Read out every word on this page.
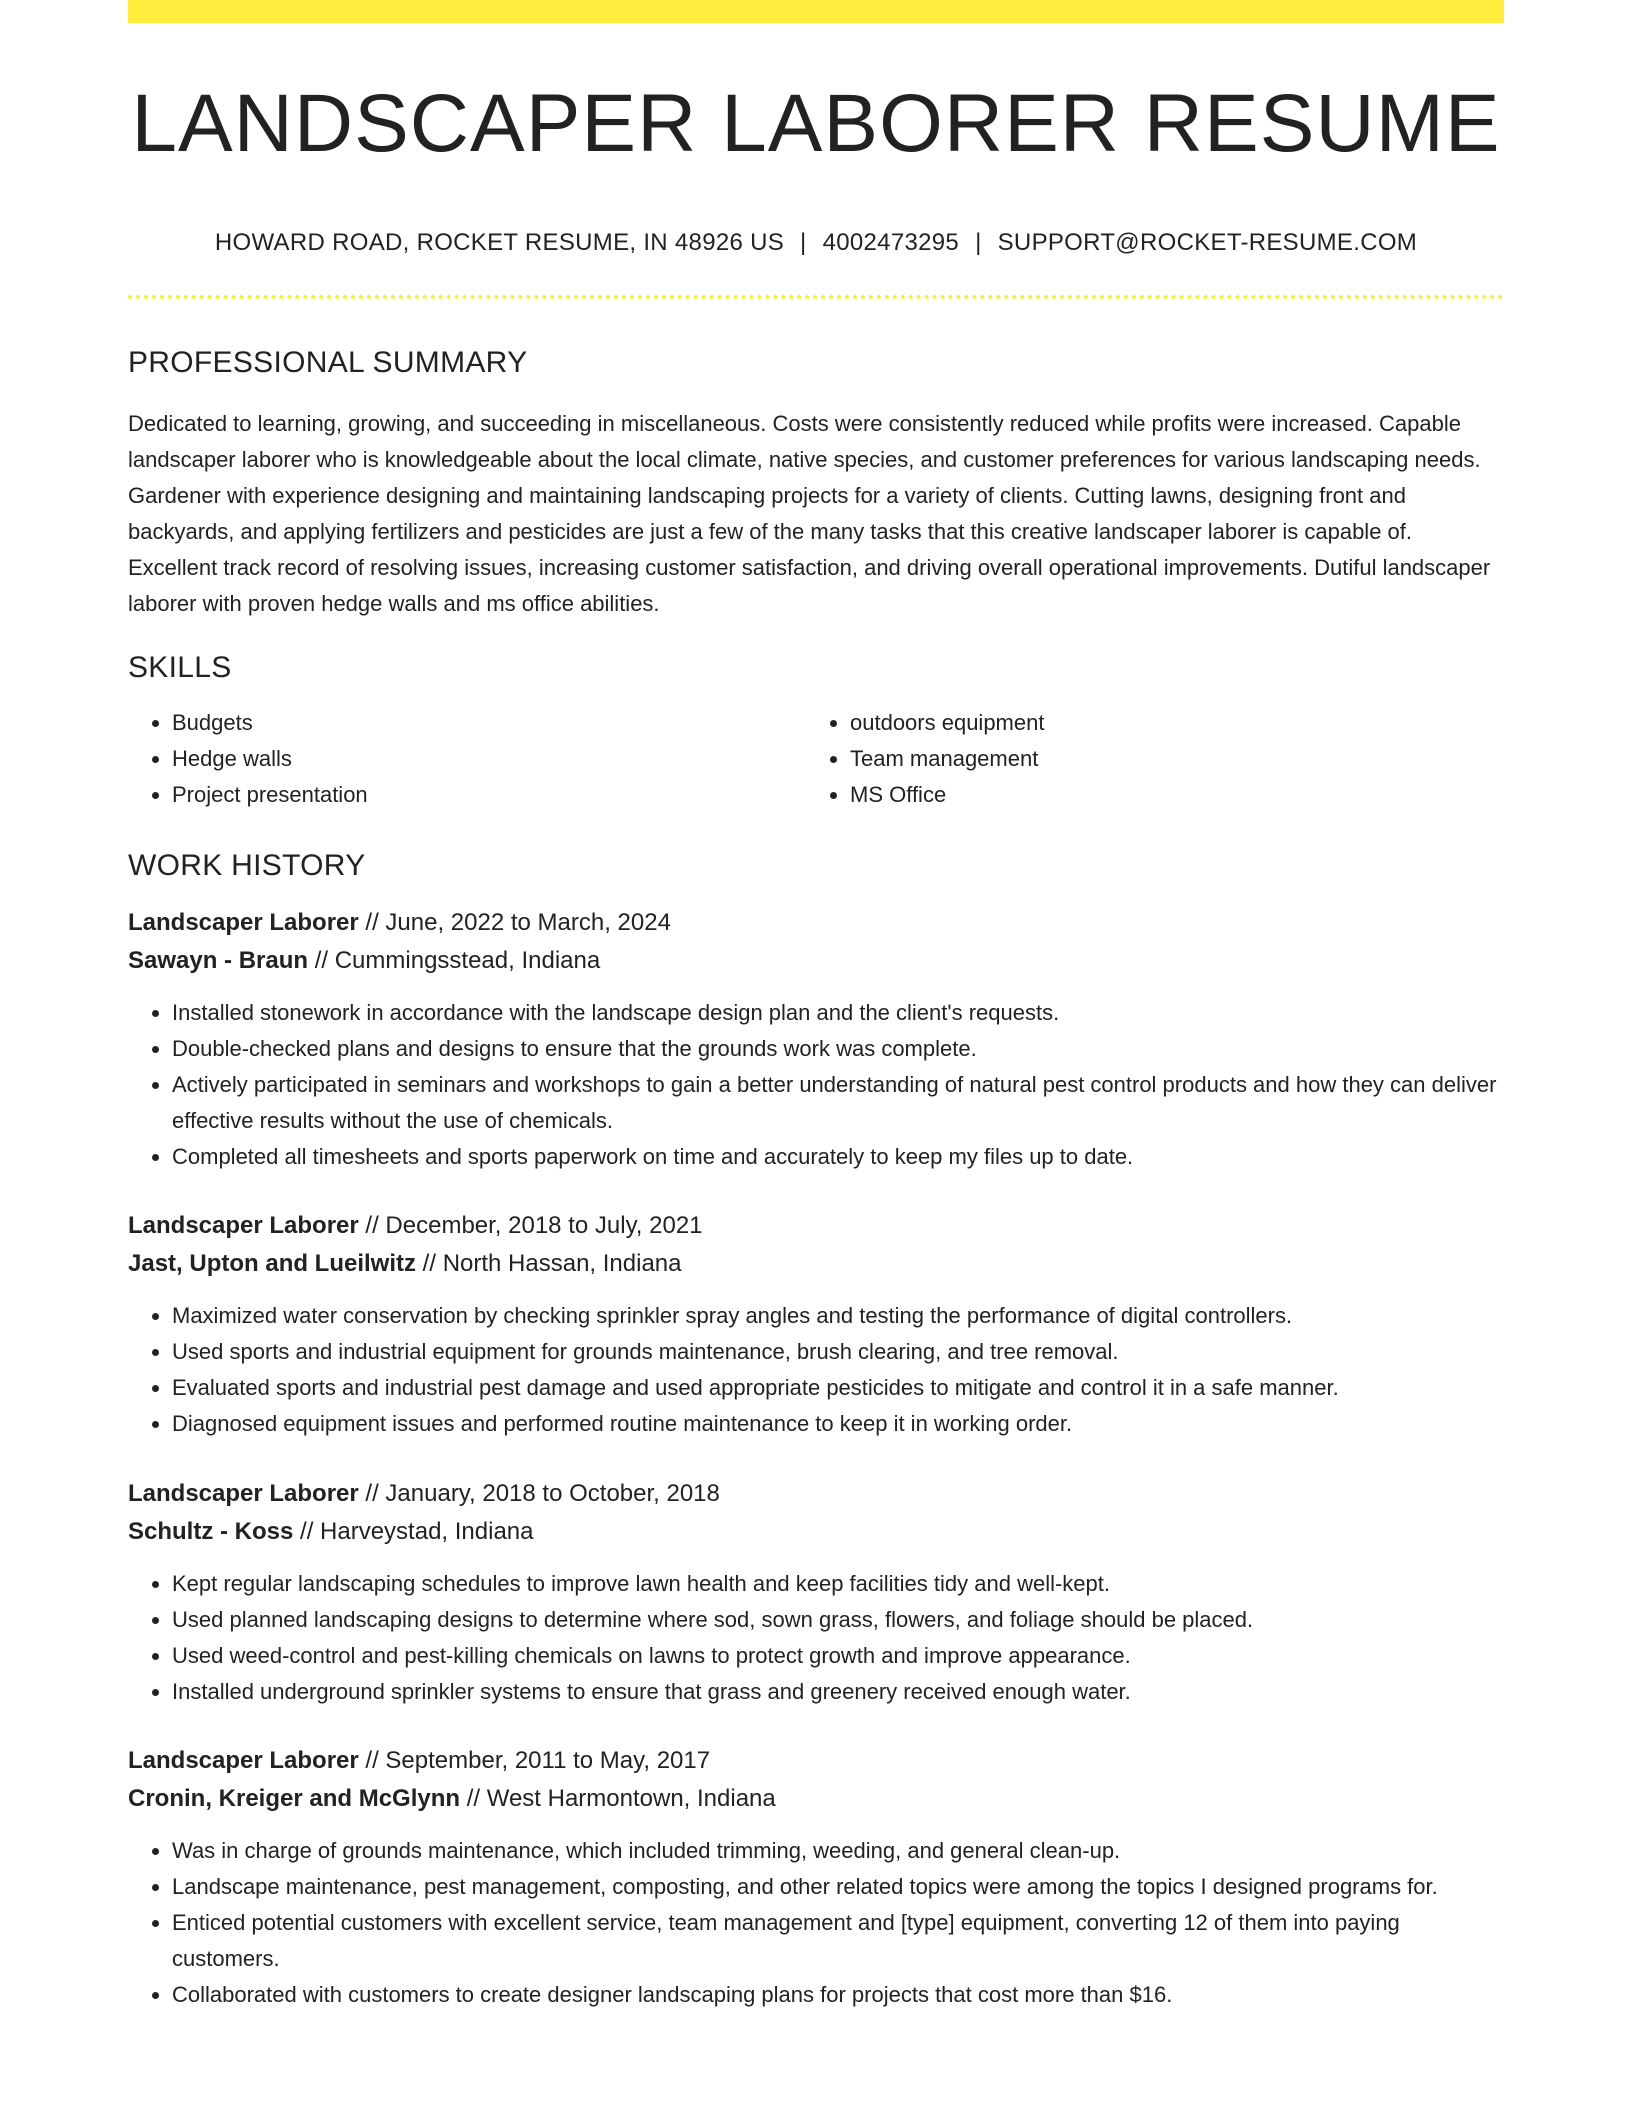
LANDSCAPER LABORER RESUME
HOWARD ROAD, ROCKET RESUME, IN 48926 US | 4002473295 | SUPPORT@ROCKET-RESUME.COM
PROFESSIONAL SUMMARY
Dedicated to learning, growing, and succeeding in miscellaneous. Costs were consistently reduced while profits were increased. Capable landscaper laborer who is knowledgeable about the local climate, native species, and customer preferences for various landscaping needs. Gardener with experience designing and maintaining landscaping projects for a variety of clients. Cutting lawns, designing front and backyards, and applying fertilizers and pesticides are just a few of the many tasks that this creative landscaper laborer is capable of. Excellent track record of resolving issues, increasing customer satisfaction, and driving overall operational improvements. Dutiful landscaper laborer with proven hedge walls and ms office abilities.
SKILLS
• Budgets
• Hedge walls
• Project presentation
• outdoors equipment
• Team management
• MS Office
WORK HISTORY
Landscaper Laborer // June, 2022 to March, 2024
Sawayn - Braun // Cummingsstead, Indiana
• Installed stonework in accordance with the landscape design plan and the client's requests.
• Double-checked plans and designs to ensure that the grounds work was complete.
• Actively participated in seminars and workshops to gain a better understanding of natural pest control products and how they can deliver effective results without the use of chemicals.
• Completed all timesheets and sports paperwork on time and accurately to keep my files up to date.
Landscaper Laborer // December, 2018 to July, 2021
Jast, Upton and Lueilwitz // North Hassan, Indiana
• Maximized water conservation by checking sprinkler spray angles and testing the performance of digital controllers.
• Used sports and industrial equipment for grounds maintenance, brush clearing, and tree removal.
• Evaluated sports and industrial pest damage and used appropriate pesticides to mitigate and control it in a safe manner.
• Diagnosed equipment issues and performed routine maintenance to keep it in working order.
Landscaper Laborer // January, 2018 to October, 2018
Schultz - Koss // Harveystad, Indiana
• Kept regular landscaping schedules to improve lawn health and keep facilities tidy and well-kept.
• Used planned landscaping designs to determine where sod, sown grass, flowers, and foliage should be placed.
• Used weed-control and pest-killing chemicals on lawns to protect growth and improve appearance.
• Installed underground sprinkler systems to ensure that grass and greenery received enough water.
Landscaper Laborer // September, 2011 to May, 2017
Cronin, Kreiger and McGlynn // West Harmontown, Indiana
• Was in charge of grounds maintenance, which included trimming, weeding, and general clean-up.
• Landscape maintenance, pest management, composting, and other related topics were among the topics I designed programs for.
• Enticed potential customers with excellent service, team management and [type] equipment, converting 12 of them into paying customers.
• Collaborated with customers to create designer landscaping plans for projects that cost more than $16.
